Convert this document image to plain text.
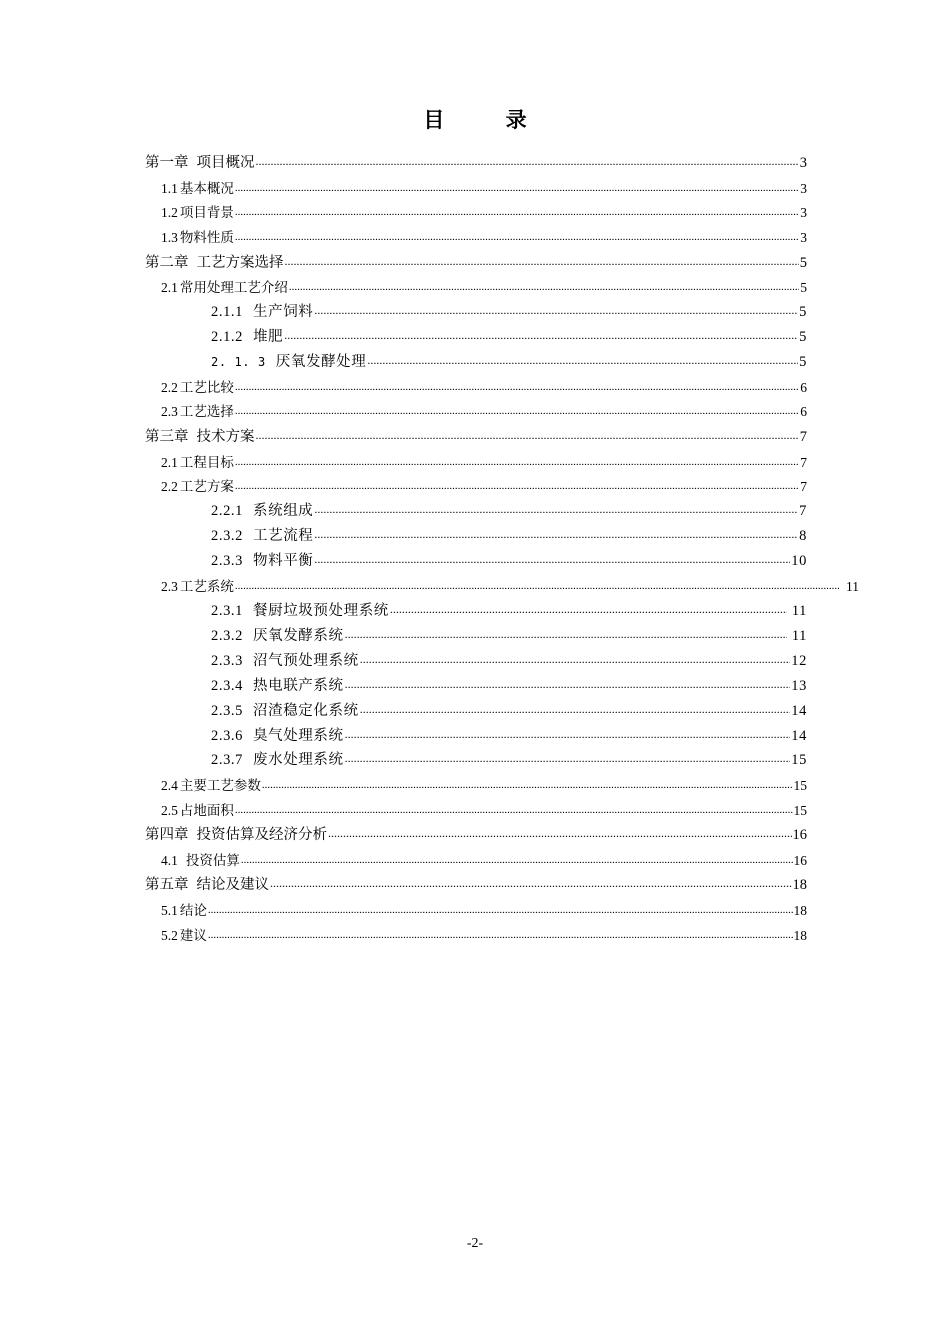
目 录
第一章 项目概况 .....	3
1.1 基本概况 .....	3
1.2 项目背景 .....	3
1.3 物料性质 .....	3
第二章 工艺方案选择 .....	5
2.1 常用处理工艺介绍 .....	5
2.1.1 生产饲料 .....	5
2.1.2 堆肥 .....	5
2. 1. 3 厌氧发酵处理 .....	5
2.2 工艺比较 .....	6
2.3 工艺选择 .....	6
第三章 技术方案 .....	7
2.1 工程目标 .....	7
2.2 工艺方案 .....	7
2.2.1 系统组成 .....	7
2.3.2 工艺流程 .....	8
2.3.3 物料平衡 .....	10
2.3 工艺系统 .....	11
2.3.1 餐厨垃圾预处理系统 .....	11
2.3.2 厌氧发酵系统 .....	11
2.3.3 沼气预处理系统 .....	12
2.3.4 热电联产系统 .....	13
2.3.5 沼渣稳定化系统 .....	14
2.3.6 臭气处理系统 .....	14
2.3.7 废水处理系统 .....	15
2.4 主要工艺参数 .....	15
2.5 占地面积 .....	15
第四章 投资估算及经济分析 .....	16
4.1 投资估算 .....	16
第五章 结论及建议 .....	18
5.1 结论 .....	18
5.2 建议 .....	18
-2-
